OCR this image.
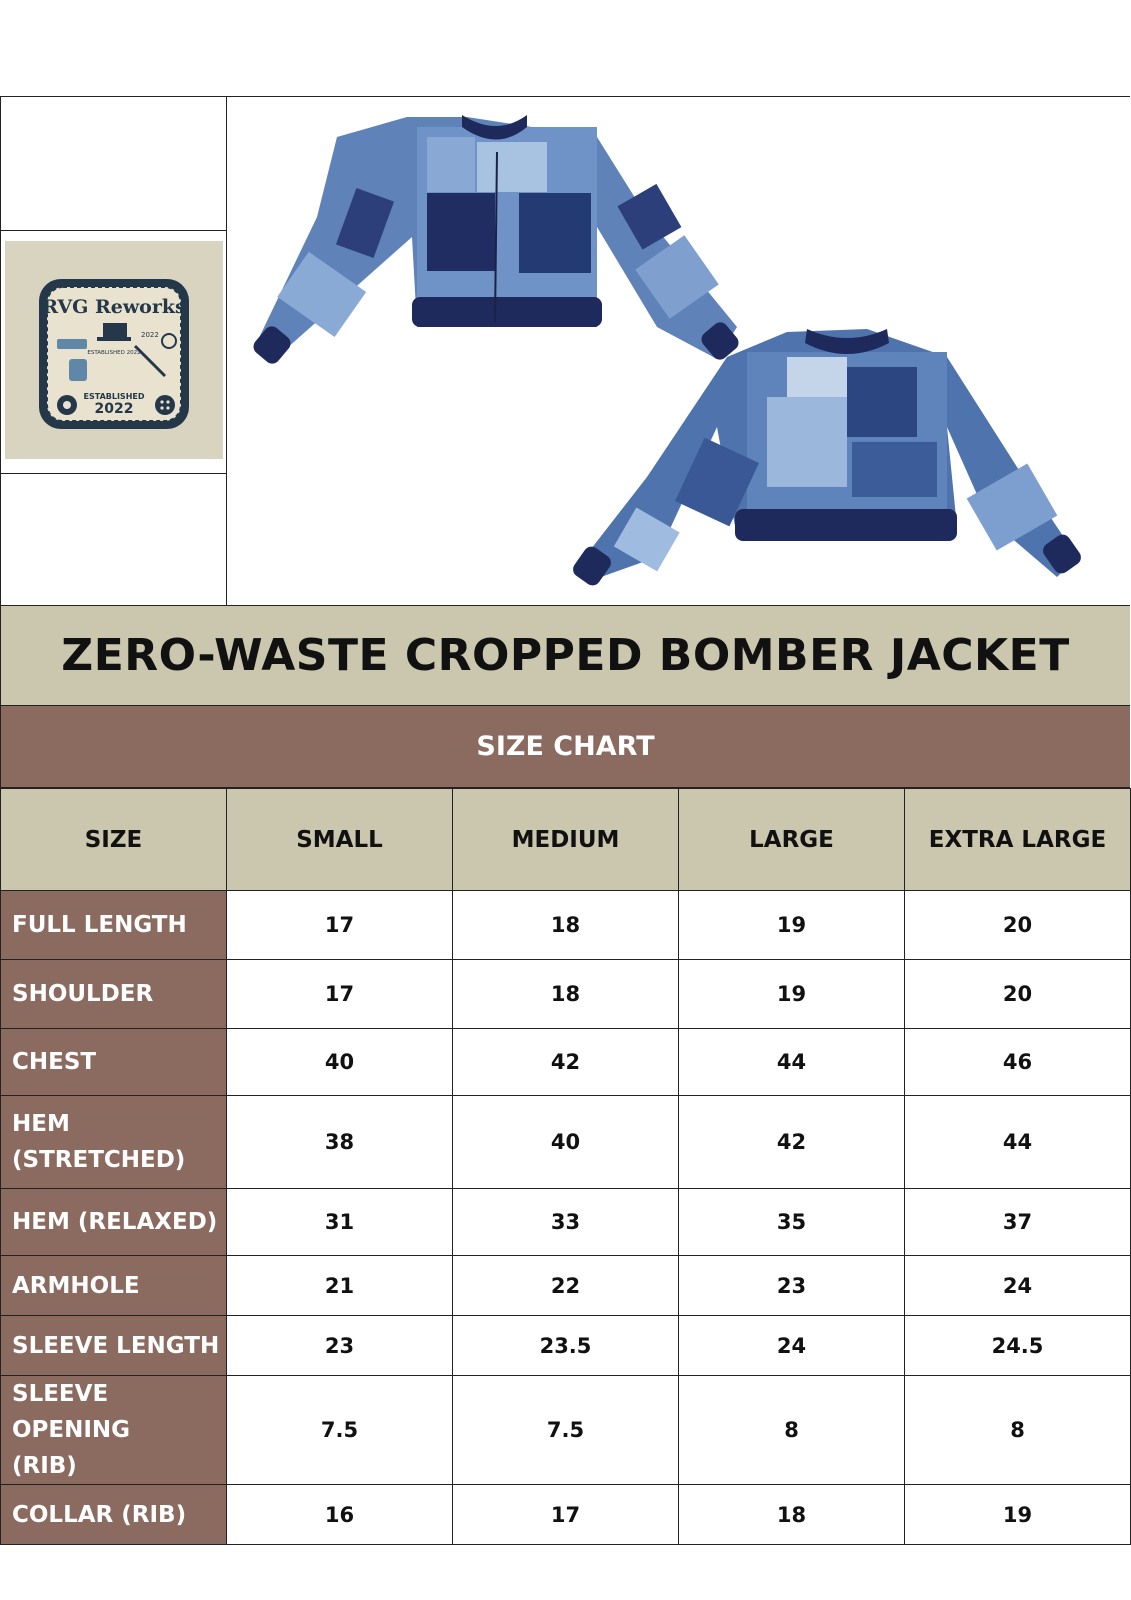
RVG Reworks
2022
ESTABLISHED 2022
ESTABLISHED
2022
ZERO-WASTE CROPPED BOMBER JACKET
SIZE CHART
SIZE	SMALL	MEDIUM	LARGE	EXTRA LARGE
FULL LENGTH	17	18	19	20
SHOULDER	17	18	19	20
CHEST	40	42	44	46
HEM (STRETCHED)	38	40	42	44
HEM (RELAXED)	31	33	35	37
ARMHOLE	21	22	23	24
SLEEVE LENGTH	23	23.5	24	24.5
SLEEVE OPENING (RIB)	7.5	7.5	8	8
COLLAR (RIB)	16	17	18	19
